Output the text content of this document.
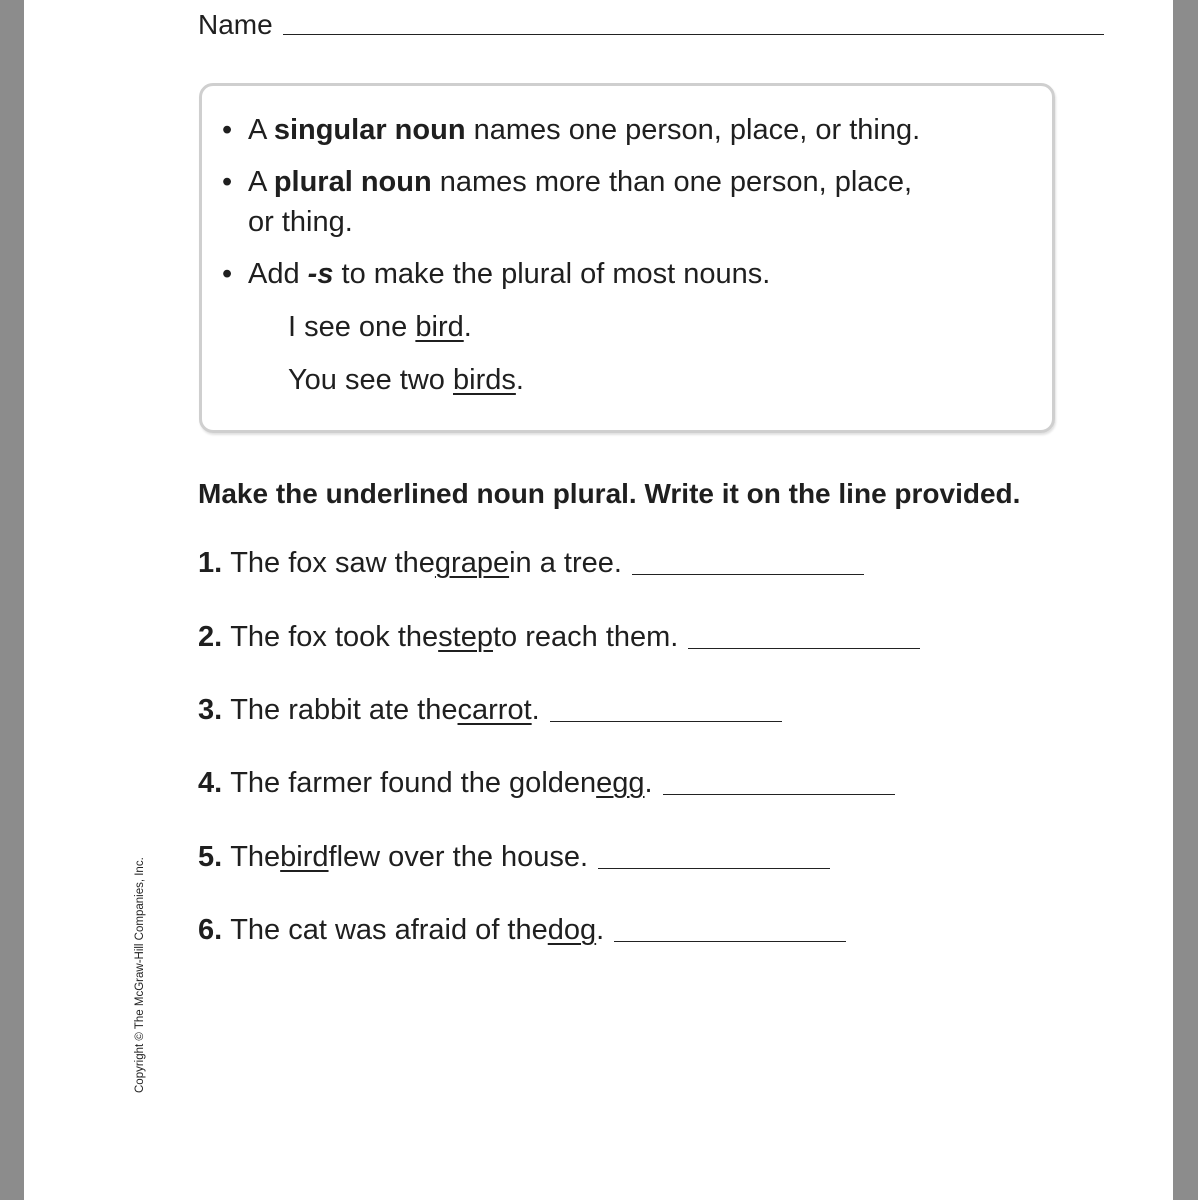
Name
• A singular noun names one person, place, or thing.
• A plural noun names more than one person, place,
or thing.
• Add -s to make the plural of most nouns.
I see one bird.
You see two birds.
Make the underlined noun plural. Write it on the line provided.
1. The fox saw the grape in a tree.
2. The fox took the step to reach them.
3. The rabbit ate the carrot .
4. The farmer found the golden egg .
5. The bird flew over the house.
6. The cat was afraid of the dog .
Copyright © The McGraw-Hill Companies, Inc.
